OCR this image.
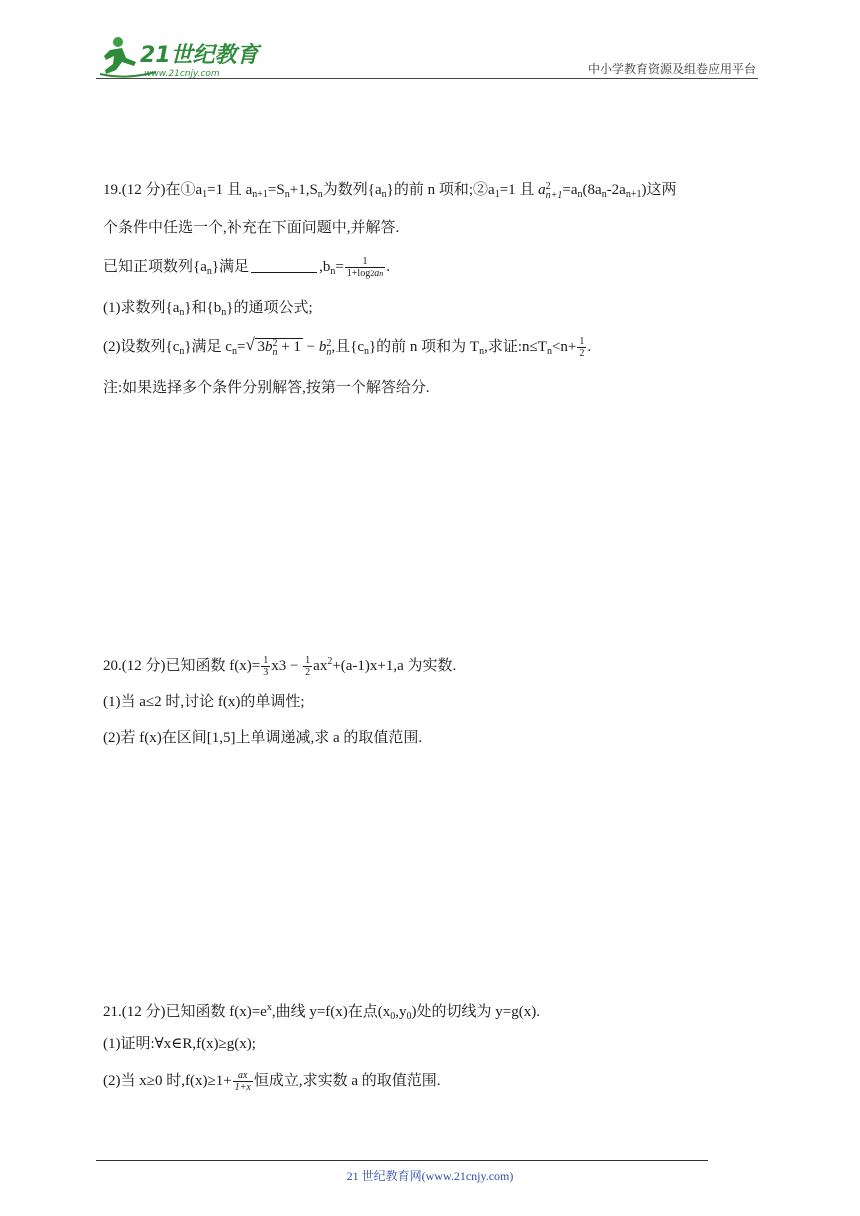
21世纪教育
www.21cnjy.com	中小学教育资源及组卷应用平台
19.(12 分)在$①a_1=1$ 且 $a_{n+1}=S_n+1,S_n$为数列$\{a_n\}$的前 n 项和$;②a_1=1$ 且 a 2
$n+1 =a_n(8a_n-2a_{n+1})$这两
个条件中任选一个,补充在下面问题中,并解答.
已知正项数列$\{a_n\}$满足	$,b_n= \frac{1}{1+\log 2an}$ .
(1)求数列$\{a_n\}$和$\{b_n\}$的通项公式;
(2)设数列$\{c_n\}$满足 $c_n=$ √ 3b 2
n + 1 − b 2
n ,且$\{c_n\}$的前 n 项和为 $T_n$,求证$:n\le T_n<n+ \frac{1}{2}$ .
注:如果选择多个条件分别解答,按第一个解答给分.
20.(12 分)已知函数 $f(x)= \frac{1}{3} x3 - \frac{1}{2} ax^2+(a-1)x+1,a$ 为实数.
(1)当 a≤2 时,讨论 f(x)的单调性;
(2)若 f(x)在区间[1,5]上单调递减,求 a 的取值范围.
21.(12 分)已知函数 $f(x)=e^x$,曲线 y=f(x)在点$(x_0,y_0)$处的切线为 y=g(x).
(1)证明:∀x∈R,f(x)≥g(x);
(2)当 x≥0 时$,f(x)\ge 1+ \frac{ax}{1+x}$ 恒成立,求实数 a 的取值范围.
21 世纪教育网(www.21cnjy.com)
